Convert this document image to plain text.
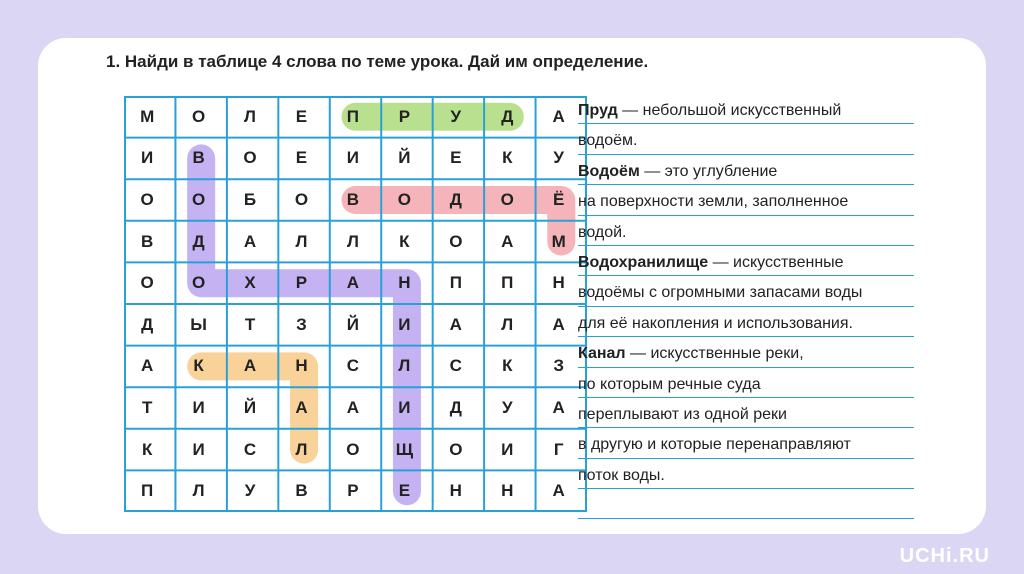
1. Найди в таблице 4 слова по теме урока. Дай им определение.
М	О	Л	Е	П	Р	У	Д	А
И	В	О	Е	И	Й	Е	К	У
О	О	Б	О	В	О	Д	О	Ё
В	Д	А	Л	Л	К	О	А	М
О	О	Х	Р	А	Н	П	П	Н
Д	Ы	Т	З	Й	И	А	Л	А
А	К	А	Н	С	Л	С	К	З
Т	И	Й	А	А	И	Д	У	А
К	И	С	Л	О	Щ	О	И	Г
П	Л	У	В	Р	Е	Н	Н	А
Пруд — небольшой искусственный
водоём.
Водоём — это углубление
на поверхности земли, заполненное
водой.
Водохранилище — искусственные
водоёмы с огромными запасами воды
для её накопления и использования.
Канал — искусственные реки,
по которым речные суда
переплывают из одной реки
в другую и которые перенаправляют
поток воды.
UCHi.RU
